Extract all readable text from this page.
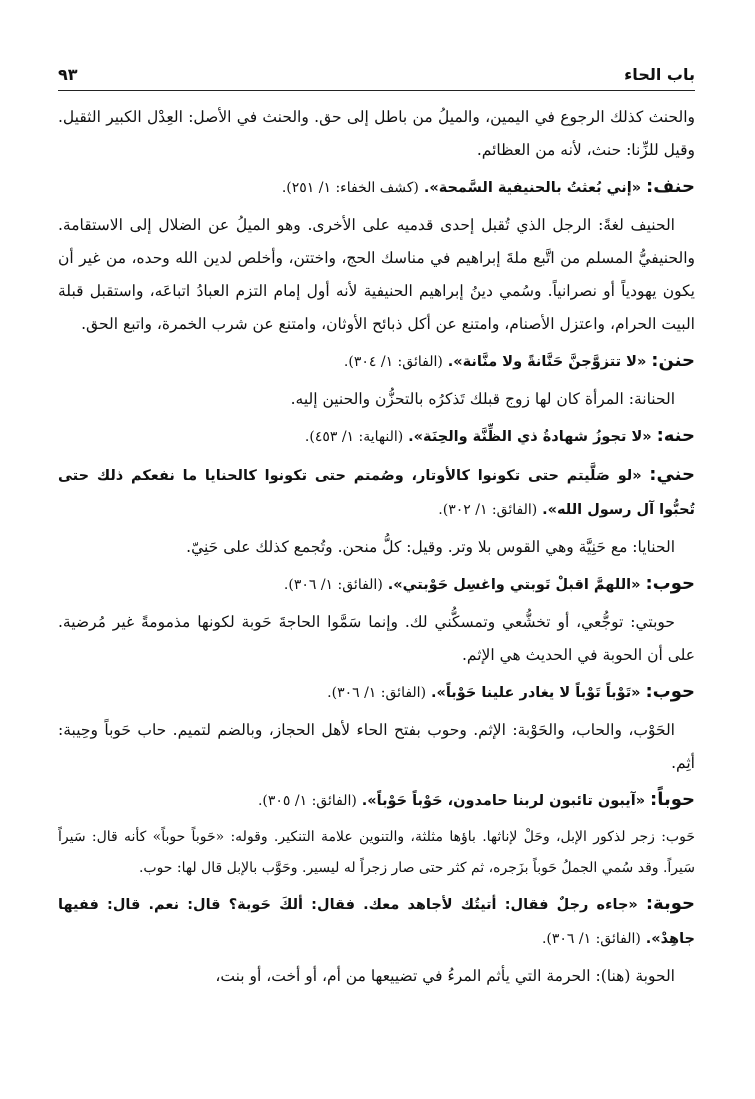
باب الحاء
٩٣

والحنث كذلك الرجوع في اليمين، والميلُ من باطل إلى حق. والحنث في الأصل: العِدْل الكبير الثقيل. وقيل للزِّنا: حنث، لأنه من العظائم.

حنف: «إني بُعثتُ بالحنيفية السَّمحة». (كشف الخفاء: ١/ ٢٥١).

الحنيف لغةً: الرجل الذي تُقبل إحدى قدميه على الأخرى. وهو الميلُ عن الضلال إلى الاستقامة. والحنيفيُّ المسلم من اتَّبع ملةَ إبراهيم في مناسك الحج، واختتن، وأخلص لدين الله وحده، من غير أن يكون يهودياً أو نصرانياً. وسُمي دينُ إبراهيم الحنيفية لأنه أول إمام التزم العبادُ اتباعَه، واستقبل قبلة البيت الحرام، واعتزل الأصنام، وامتنع عن أكل ذبائح الأوثان، وامتنع عن شرب الخمرة، واتبع الحق.

حنن: «لا تتزوَّجنَّ حَنَّانةً ولا منَّانة». (الفائق: ١/ ٣٠٤).

الحنانة: المرأة كان لها زوج قبلك تَذكرُه بالتحزُّن والحنين إليه.

حنه: «لا تجوزُ شهادةُ ذي الظِّنَّة والحِنَة». (النهاية: ١/ ٤٥٣).
حني: «لو صَلَّيتم حتى تكونوا كالأوتار، وصُمتم حتى تكونوا كالحنايا ما نفعكم ذلك حتى تُحبُّوا آل رسول الله». (الفائق: ١/ ٣٠٢).

الحنايا: مع حَنِيَّة وهي القوس بلا وتر. وقيل: كلُّ منحن. وتُجمع كذلك على حَنِيّ.

حوب: «اللهمَّ اقبلْ تَوبتي واغسِل حَوْبتي». (الفائق: ١/ ٣٠٦).

حوبتي: توجُّعي، أو تخشُّعي وتمسكُّني لك. وإنما سَمَّوا الحاجةَ حَوبة لكونها مذمومةً غير مُرضية. على أن الحوبة في الحديث هي الإثم.

حوب: «تَوْباً تَوْباً لا يغادر علينا حَوْباً». (الفائق: ١/ ٣٠٦).

الحَوْب، والحاب، والحَوْبة: الإثم. وحوب بفتح الحاء لأهل الحجاز، وبالضم لتميم. حاب حَوباً وحِيبة: أثِم.

حوباً: «آيبون تائبون لربنا حامدون، حَوْباً حَوْباً». (الفائق: ١/ ٣٠٥).

حَوب: زجر لذكور الإبل، وحَلْ لإناثها. باؤها مثلثة، والتنوين علامة التنكير. وقوله: «حَوباً حوباً» كأنه قال: سَيراً سَيراً. وقد سُمي الجملُ حَوباً بزَجره، ثم كثر حتى صار زجراً له ليسير. وحَوَّب بالإبل قال لها: حوب.

حوبة: «جاءه رجلٌ فقال: أتيتُك لأجاهد معك. فقال: ألكَ حَوبة؟ قال: نعم. قال: ففيها جاهِدْ». (الفائق: ١/ ٣٠٦).

الحوبة (هنا): الحرمة التي يأثم المرءُ في تضييعها من أم، أو أخت، أو بنت،
